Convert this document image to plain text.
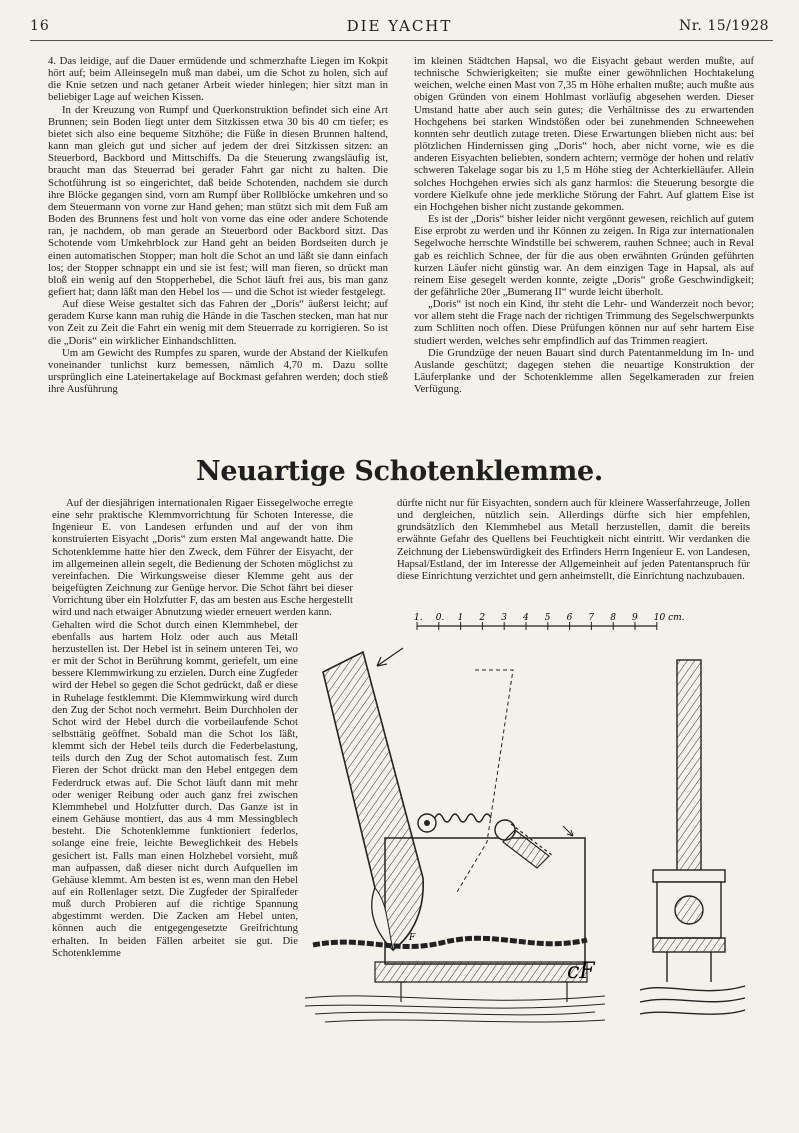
16	DIE YACHT	Nr. 15/1928

4. Das leidige, auf die Dauer ermüdende und schmerzhafte Liegen im Kokpit hört auf; beim Alleinsegeln muß man dabei, um die Schot zu holen, sich auf die Knie setzen und nach getaner Arbeit wieder hinlegen; hier sitzt man in beliebiger Lage auf weichen Kissen.

In der Kreuzung von Rumpf und Querkonstruktion befindet sich eine Art Brunnen; sein Boden liegt unter dem Sitzkissen etwa 30 bis 40 cm tiefer; es bietet sich also eine bequeme Sitzhöhe; die Füße in diesen Brunnen haltend, kann man gleich gut und sicher auf jedem der drei Sitzkissen sitzen: an Steuerbord, Backbord und Mittschiffs. Da die Steuerung zwangsläufig ist, braucht man das Steuerrad bei gerader Fahrt gar nicht zu halten. Die Schotführung ist so eingerichtet, daß beide Schotenden, nachdem sie durch ihre Blöcke gegangen sind, vorn am Rumpf über Rollblöcke umkehren und so dem Steuermann von vorne zur Hand gehen; man stützt sich mit dem Fuß am Boden des Brunnens fest und holt von vorne das eine oder andere Schotende ran, je nachdem, ob man gerade an Steuerbord oder Backbord sitzt. Das Schotende vom Umkehrblock zur Hand geht an beiden Bordseiten durch je einen automatischen Stopper; man holt die Schot an und läßt sie dann einfach los; der Stopper schnappt ein und sie ist fest; will man fieren, so drückt man bloß ein wenig auf den Stopperhebel, die Schot läuft frei aus, bis man ganz gefiert hat; dann läßt man den Hebel los — und die Schot ist wieder festgelegt.

Auf diese Weise gestaltet sich das Fahren der „Doris“ äußerst leicht; auf geradem Kurse kann man ruhig die Hände in die Taschen stecken, man hat nur von Zeit zu Zeit die Fahrt ein wenig mit dem Steuerrade zu korrigieren. So ist die „Doris“ ein wirklicher Einhandschlitten.

Um am Gewicht des Rumpfes zu sparen, wurde der Abstand der Kielkufen voneinander tunlichst kurz bemessen, nämlich 4,70 m. Dazu sollte ursprünglich eine Lateinertakelage auf Bockmast gefahren werden; doch stieß ihre Ausführung

im kleinen Städtchen Hapsal, wo die Eisyacht gebaut werden mußte, auf technische Schwierigkeiten; sie mußte einer gewöhnlichen Hochtakelung weichen, welche einen Mast von 7,35 m Höhe erhalten mußte; auch mußte aus obigen Gründen von einem Hohlmast vorläufig abgesehen werden. Dieser Umstand hatte aber auch sein gutes; die Verhältnisse des zu erwartenden Hochgehens bei starken Windstößen oder bei zunehmenden Schneewehen konnten sehr deutlich zutage treten. Diese Erwartungen blieben nicht aus: bei plötzlichen Hindernissen ging „Doris“ hoch, aber nicht vorne, wie es die anderen Eisyachten beliebten, sondern achtern; vermöge der hohen und relativ schweren Takelage sogar bis zu 1,5 m Höhe stieg der Achterkielläufer. Allein solches Hochgehen erwies sich als ganz harmlos: die Steuerung besorgte die vordere Kielkufe ohne jede merkliche Störung der Fahrt. Auf glattem Eise ist ein Hochgehen bisher nicht zustande gekommen.

Es ist der „Doris“ bisher leider nicht vergönnt gewesen, reichlich auf gutem Eise erprobt zu werden und ihr Können zu zeigen. In Riga zur internationalen Segelwoche herrschte Windstille bei schwerem, rauhen Schnee; auch in Reval gab es reichlich Schnee, der für die aus oben erwähnten Gründen geführten kurzen Läufer nicht günstig war. An dem einzigen Tage in Hapsal, als auf reinem Eise gesegelt werden konnte, zeigte „Doris“ große Geschwindigkeit; der gefährliche 20er „Bumerang II“ wurde leicht überholt.

„Doris“ ist noch ein Kind, ihr steht die Lehr- und Wanderzeit noch bevor; vor allem steht die Frage nach der richtigen Trimmung des Segelschwerpunkts zum Schlitten noch offen. Diese Prüfungen können nur auf sehr hartem Eise studiert werden, welches sehr empfindlich auf das Trimmen reagiert.

Die Grundzüge der neuen Bauart sind durch Patentanmeldung im In- und Auslande geschützt; dagegen stehen die neuartige Konstruktion der Läuferplanke und der Schotenklemme allen Segelkameraden zur freien Verfügung.

Neuartige Schotenklemme.

Auf der diesjährigen internationalen Rigaer Eissegelwoche erregte eine sehr praktische Klemmvorrichtung für Schoten Interesse, die Ingenieur E. von Landesen erfunden und auf der von ihm konstruierten Eisyacht „Doris“ zum ersten Mal angewandt hatte. Die Schotenklemme hatte hier den Zweck, dem Führer der Eisyacht, der im allgemeinen allein segelt, die Bedienung der Schoten möglichst zu vereinfachen. Die Wirkungsweise dieser Klemme geht aus der beigefügten Zeichnung zur Genüge hervor. Die Schot fährt bei dieser Vorrichtung über ein Holzfutter F, das am besten aus Esche hergestellt wird und nach etwaiger Abnutzung wieder erneuert werden kann.

Gehalten wird die Schot durch einen Klemmhebel, der ebenfalls aus hartem Holz oder auch aus Metall herzustellen ist. Der Hebel ist in seinem unteren Tei, wo er mit der Schot in Berührung kommt, geriefelt, um eine bessere Klemmwirkung zu erzielen. Durch eine Zugfeder wird der Hebel so gegen die Schot gedrückt, daß er diese in Ruhelage festklemmt. Die Klemmwirkung wird durch den Zug der Schot noch vermehrt. Beim Durchholen der Schot wird der Hebel durch die vorbeilaufende Schot selbsttätig geöffnet. Sobald man die Schot los läßt, klemmt sich der Hebel teils durch die Federbelastung, teils durch den Zug der Schot automatisch fest. Zum Fieren der Schot drückt man den Hebel entgegen dem Federdruck etwas auf. Die Schot läuft dann mit mehr oder weniger Reibung oder auch ganz frei zwischen Klemmhebel und Holzfutter durch. Das Ganze ist in einem Gehäuse montiert, das aus 4 mm Messingblech besteht. Die Schotenklemme funktioniert federlos, solange eine freie, leichte Beweglichkeit des Hebels gesichert ist. Falls man einen Holzhebel vorsieht, muß man aufpassen, daß dieser nicht durch Aufquellen im Gehäuse klemmt. Am besten ist es, wenn man den Hebel auf ein Rollenlager setzt. Die Zugfeder der Spiralfeder muß durch Probieren auf die richtige Spannung abgestimmt werden. Die Zacken am Hebel unten, können auch die entgegengesetzte Greifrichtung erhalten. In beiden Fällen arbeitet sie gut. Die Schotenklemme

dürfte nicht nur für Eisyachten, sondern auch für kleinere Wasserfahrzeuge, Jollen und dergleichen, nützlich sein. Allerdings dürfte sich hier empfehlen, grundsätzlich den Klemmhebel aus Metall herzustellen, damit die bereits erwähnte Gefahr des Quellens bei Feuchtigkeit nicht eintritt. Wir verdanken die Zeichnung der Liebenswürdigkeit des Erfinders Herrn Ingenieur E. von Landesen, Hapsal/Estland, der im Interesse der Allgemeinheit auf jeden Patentanspruch für diese Einrichtung verzichtet und gern anheimstellt, die Einrichtung nachzubauen.

1. 0. 1 2 3 4 5 6 7 8 9 10 cm.
F
cF
